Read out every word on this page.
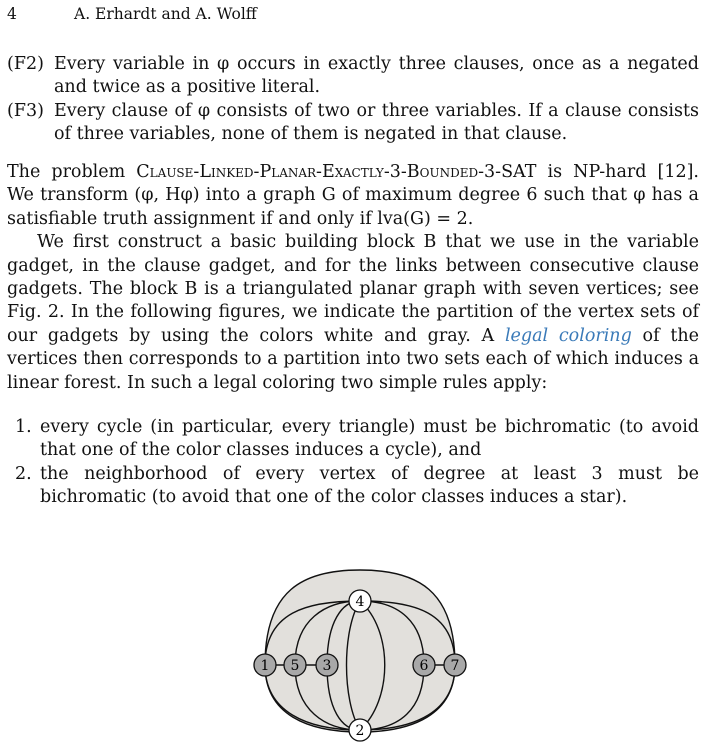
4	A. Erhardt and A. Wolff
(F2) Every variable in φ occurs in exactly three clauses, once as a negated and twice as a positive literal.
(F3) Every clause of φ consists of two or three variables. If a clause consists of three variables, none of them is negated in that clause.
The problem Clause-Linked-Planar-Exactly-3-Bounded-3-SAT is NP-hard [12]. We transform (φ, Hφ) into a graph G of maximum degree 6 such that φ has a satisfiable truth assignment if and only if lva(G) = 2.
We first construct a basic building block B that we use in the variable gadget, in the clause gadget, and for the links between consecutive clause gadgets. The block B is a triangulated planar graph with seven vertices; see Fig. 2. In the following figures, we indicate the partition of the vertex sets of our gadgets by using the colors white and gray. A legal coloring of the vertices then corresponds to a partition into two sets each of which induces a linear forest. In such a legal coloring two simple rules apply:
1. every cycle (in particular, every triangle) must be bichromatic (to avoid that one of the color classes induces a cycle), and
2. the neighborhood of every vertex of degree at least 3 must be bichromatic (to avoid that one of the color classes induces a star).
1 5 3
4
2
6 7
